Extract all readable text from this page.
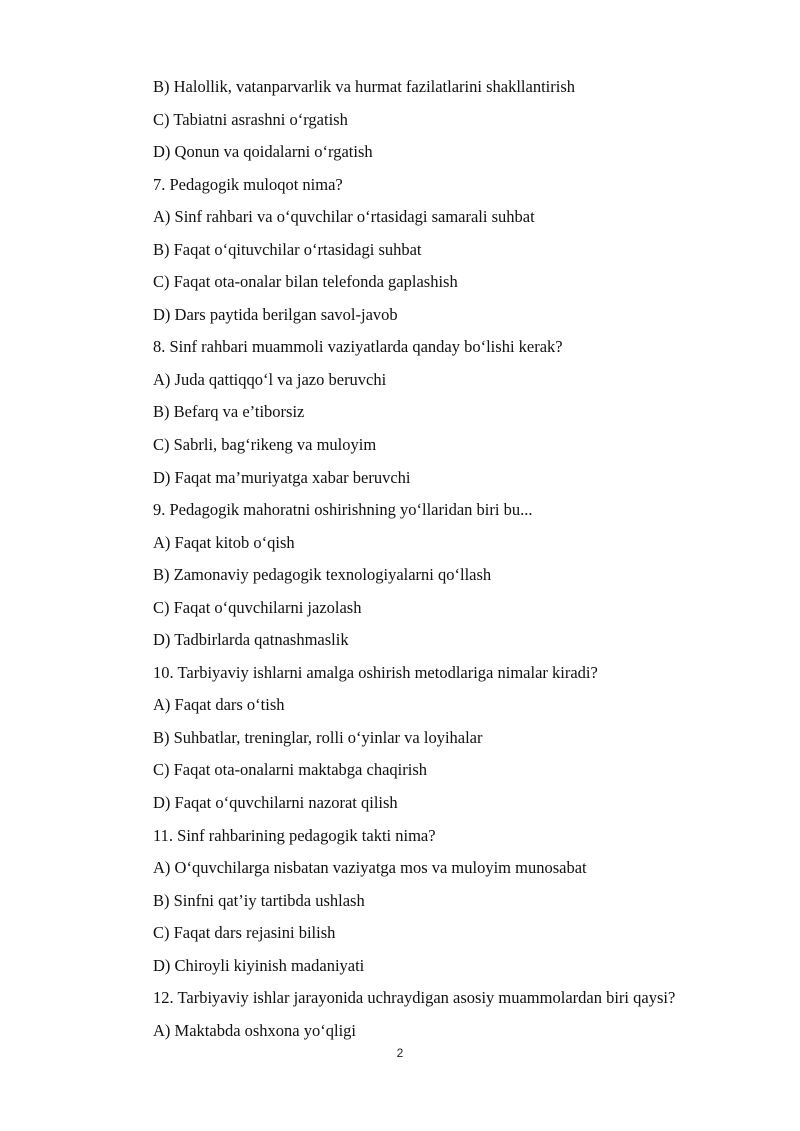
B) Halollik, vatanparvarlik va hurmat fazilatlarini shakllantirish
C) Tabiatni asrashni o‘rgatish
D) Qonun va qoidalarni o‘rgatish
7. Pedagogik muloqot nima?
A) Sinf rahbari va o‘quvchilar o‘rtasidagi samarali suhbat
B) Faqat o‘qituvchilar o‘rtasidagi suhbat
C) Faqat ota-onalar bilan telefonda gaplashish
D) Dars paytida berilgan savol-javob
8. Sinf rahbari muammoli vaziyatlarda qanday bo‘lishi kerak?
A) Juda qattiqqo‘l va jazo beruvchi
B) Befarq va e’tiborsiz
C) Sabrli, bag‘rikeng va muloyim
D) Faqat ma’muriyatga xabar beruvchi
9. Pedagogik mahoratni oshirishning yo‘llaridan biri bu...
A) Faqat kitob o‘qish
B) Zamonaviy pedagogik texnologiyalarni qo‘llash
C) Faqat o‘quvchilarni jazolash
D) Tadbirlarda qatnashmaslik
10. Tarbiyaviy ishlarni amalga oshirish metodlariga nimalar kiradi?
A) Faqat dars o‘tish
B) Suhbatlar, treninglar, rolli o‘yinlar va loyihalar
C) Faqat ota-onalarni maktabga chaqirish
D) Faqat o‘quvchilarni nazorat qilish
11. Sinf rahbarining pedagogik takti nima?
A) O‘quvchilarga nisbatan vaziyatga mos va muloyim munosabat
B) Sinfni qat’iy tartibda ushlash
C) Faqat dars rejasini bilish
D) Chiroyli kiyinish madaniyati
12. Tarbiyaviy ishlar jarayonida uchraydigan asosiy muammolardan biri qaysi?
A) Maktabda oshxona yo‘qligi
2
